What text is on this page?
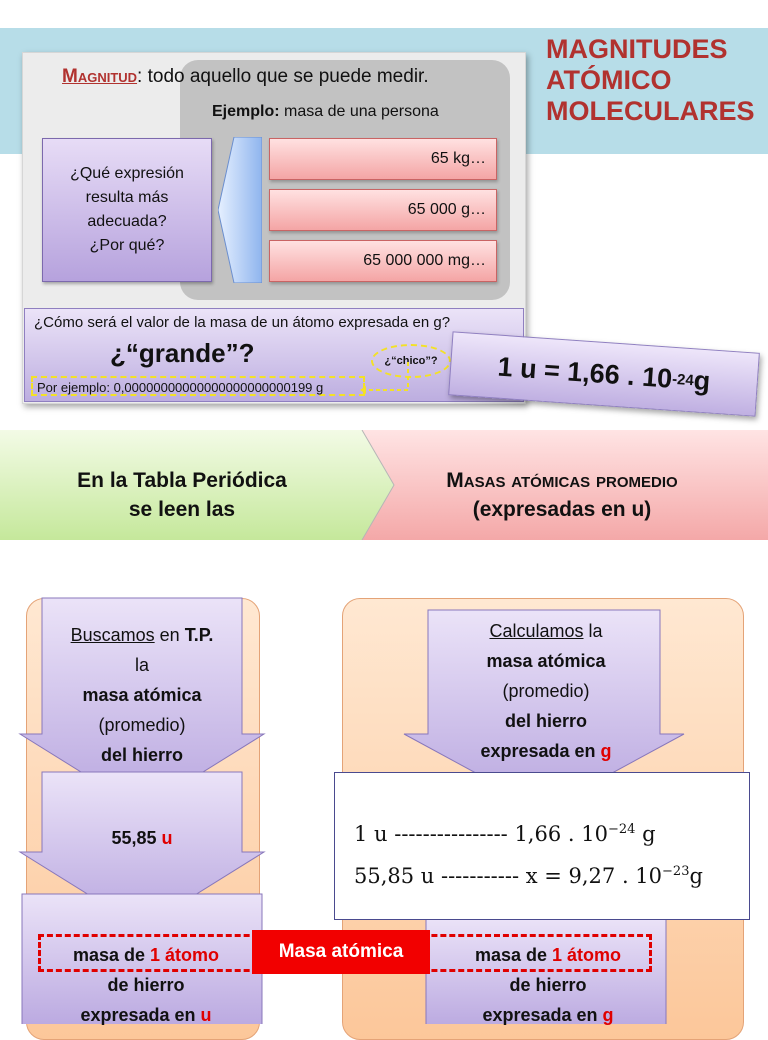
MAGNITUDES
ATÓMICO
MOLECULARES
Magnitud: todo aquello que se puede medir.
Ejemplo: masa de una persona
¿Qué expresión
resulta más
adecuada?
¿Por qué?
65 kg…
65 000 g…
65 000 000 mg…
¿Cómo será el valor de la masa de un átomo expresada en g?
¿“grande”?	¿“chico”?
Por ejemplo: 0,00000000000000000000000199 g	1 u = 1,66 . 10
-24
g
En la Tabla Periódica
se leen las
Masas atómicas promedio
(expresadas en u)
Buscamos en T.P.
la
masa atómica
(promedio)
del hierro
55,85 u
Calculamos la
masa atómica
(promedio)
del hierro
expresada en g
1 u ---------------- 1,66 . $10^{-24}$ g
55,85 u ----------- x = 9,27 . $10^{-23}g$
masa de 1 átomo
de hierro
expresada en u
masa de 1 átomo
de hierro
expresada en g
Masa atómica
